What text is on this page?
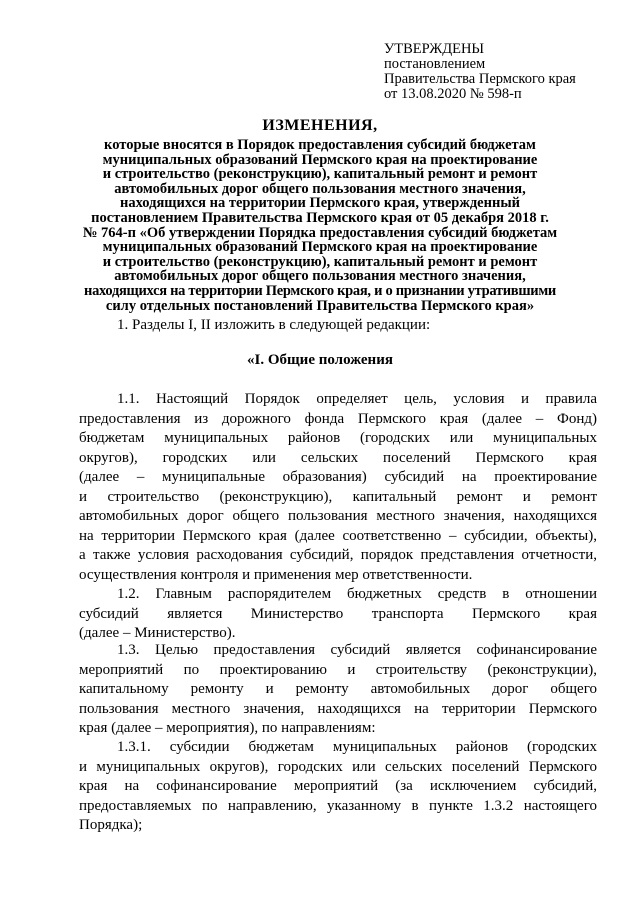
УТВЕРЖДЕНЫ
постановлением
Правительства Пермского края
от 13.08.2020 № 598-п
ИЗМЕНЕНИЯ,
которые вносятся в Порядок предоставления субсидий бюджетам
муниципальных образований Пермского края на проектирование
и строительство (реконструкцию), капитальный ремонт и ремонт
автомобильных дорог общего пользования местного значения,
находящихся на территории Пермского края, утвержденный
постановлением Правительства Пермского края от 05 декабря 2018 г.
№ 764-п «Об утверждении Порядка предоставления субсидий бюджетам
муниципальных образований Пермского края на проектирование
и строительство (реконструкцию), капитальный ремонт и ремонт
автомобильных дорог общего пользования местного значения,
находящихся на территории Пермского края, и о признании утратившими
силу отдельных постановлений Правительства Пермского края»
1. Разделы I, II изложить в следующей редакции:
«I. Общие положения
1.1. Настоящий Порядок определяет цель, условия и правила
предоставления из дорожного фонда Пермского края (далее – Фонд)
бюджетам муниципальных районов (городских или муниципальных
округов), городских или сельских поселений Пермского края
(далее – муниципальные образования) субсидий на проектирование
и строительство (реконструкцию), капитальный ремонт и ремонт
автомобильных дорог общего пользования местного значения, находящихся
на территории Пермского края (далее соответственно – субсидии, объекты),
а также условия расходования субсидий, порядок представления отчетности,
осуществления контроля и применения мер ответственности.
1.2. Главным распорядителем бюджетных средств в отношении
субсидий является Министерство транспорта Пермского края
(далее – Министерство).
1.3. Целью предоставления субсидий является софинансирование
мероприятий по проектированию и строительству (реконструкции),
капитальному ремонту и ремонту автомобильных дорог общего
пользования местного значения, находящихся на территории Пермского
края (далее – мероприятия), по направлениям:
1.3.1. субсидии бюджетам муниципальных районов (городских
и муниципальных округов), городских или сельских поселений Пермского
края на софинансирование мероприятий (за исключением субсидий,
предоставляемых по направлению, указанному в пункте 1.3.2 настоящего
Порядка);
